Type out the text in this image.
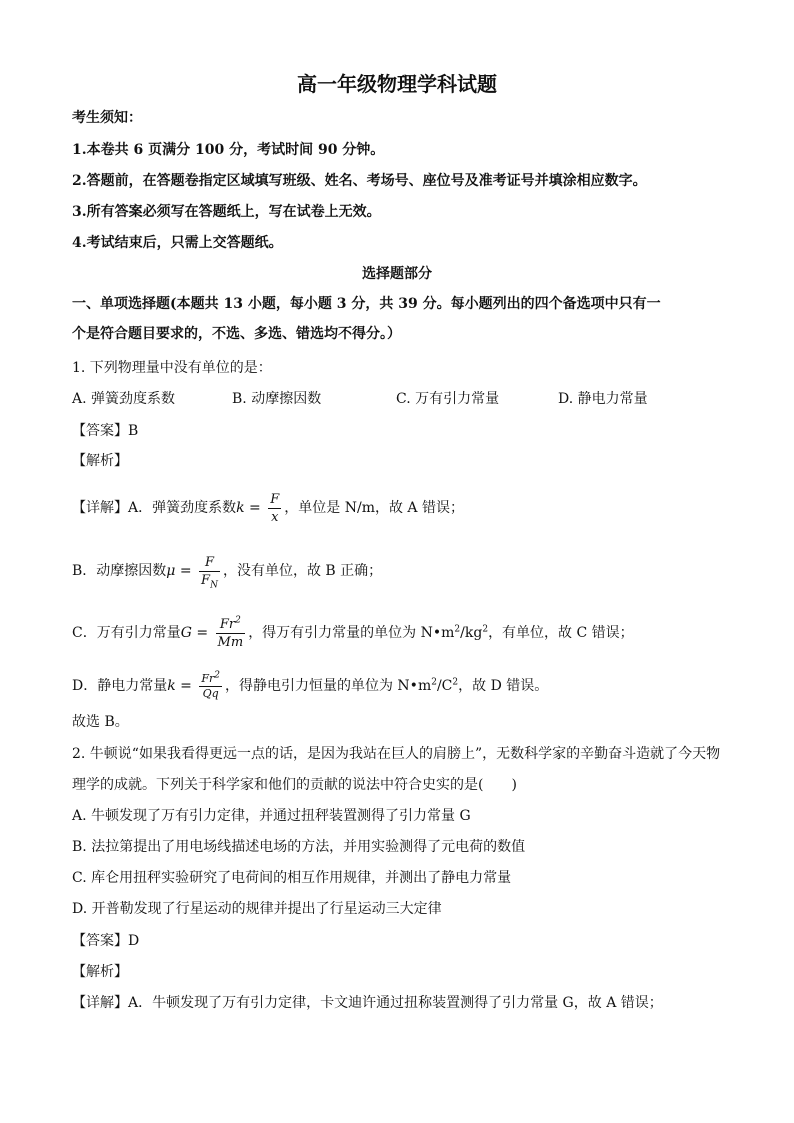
高一年级物理学科试题
考生须知：
1.本卷共 6 页满分 100 分，考试时间 90 分钟。
2.答题前，在答题卷指定区域填写班级、姓名、考场号、座位号及准考证号并填涂相应数字。
3.所有答案必须写在答题纸上，写在试卷上无效。
4.考试结束后，只需上交答题纸。
选择题部分
一、单项选择题(本题共 13 小题，每小题 3 分，共 39 分。每小题列出的四个备选项中只有一
个是符合题目要求的，不选、多选、错选均不得分。）
1. 下列物理量中没有单位的是：
A. 弹簧劲度系数	B. 动摩擦因数	C. 万有引力常量	D. 静电力常量
【答案】B
【解析】
【详解】A．弹簧劲度系数$k = \frac{F}{x}$ ，单位是 N/m，故 A 错误；
B．动摩擦因数$\mu = \frac{F}{F_N}$ ，没有单位，故 B 正确；
C．万有引力常量$G = \frac{Fr^2}{Mm}$ ，得万有引力常量的单位为 $N•m^2/kg^2$，有单位，故 C 错误；
D．静电力常量$k = \frac{Fr^2}{Qq}$ ，得静电引力恒量的单位为 $N•m^2/C^2$，故 D 错误。
故选 B。
2. 牛顿说“如果我看得更远一点的话，是因为我站在巨人的肩膀上”，无数科学家的辛勤奋斗造就了今天物
理学的成就。下列关于科学家和他们的贡献的说法中符合史实的是(　　)
A. 牛顿发现了万有引力定律，并通过扭秤装置测得了引力常量 G
B. 法拉第提出了用电场线描述电场的方法，并用实验测得了元电荷的数值
C. 库仑用扭秤实验研究了电荷间的相互作用规律，并测出了静电力常量
D. 开普勒发现了行星运动的规律并提出了行星运动三大定律
【答案】D
【解析】
【详解】A．牛顿发现了万有引力定律，卡文迪许通过扭称装置测得了引力常量 G，故 A 错误；
